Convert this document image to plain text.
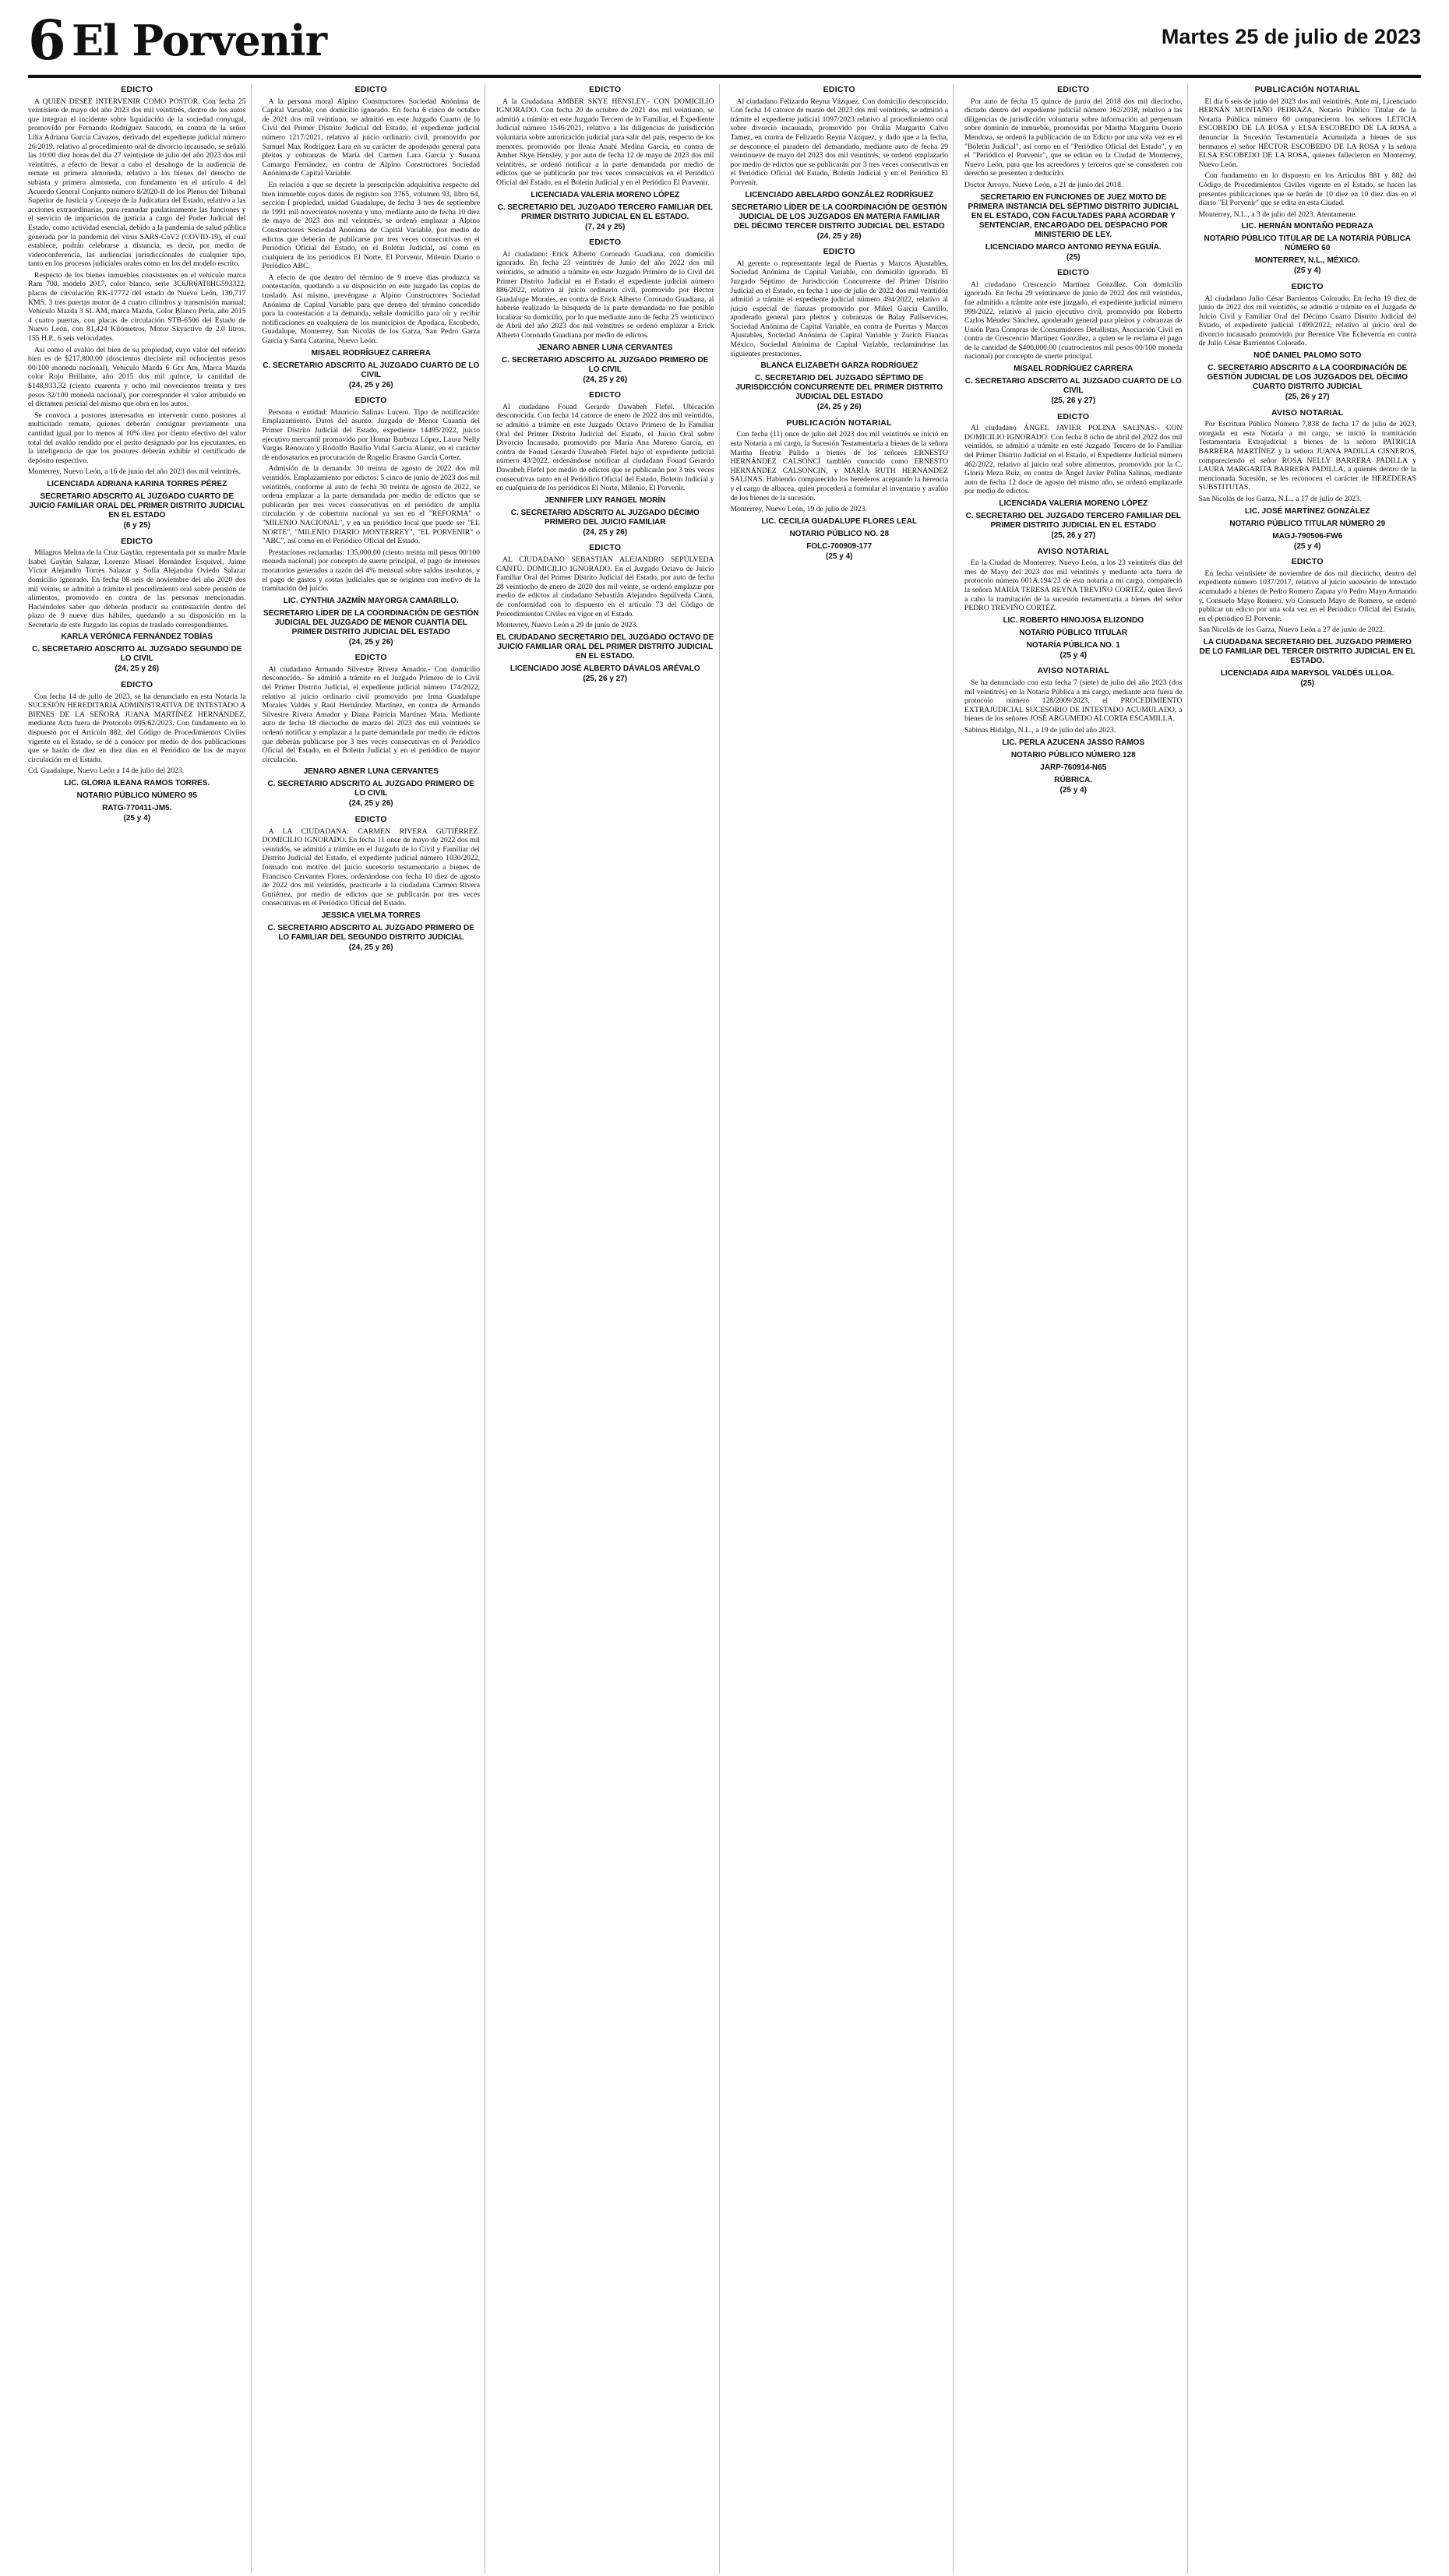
6 El Porvenir	Martes 25 de julio de 2023
EDICTO

A QUIEN DESEE INTERVENIR COMO POSTOR. Con fecha 25 veintisiete de mayo del año 2023 dos mil veintitrés, dentro de los autos que integran el incidente sobre liquidación de la sociedad conyugal, promovido por Fernando Rodríguez Saucedo, en contra de la señor Lilia Adriana García Cavazos, derivado del expediente judicial número 26/2019, relativo al procedimiento oral de divorcio incausado, se señaló las 10:00 diez horas del día 27 veintisiete de julio del año 2023 dos mil veintitrés, a efecto de llevar a cabo el desahogo de la audiencia de remate en primera almoneda, relativo a los bienes del derecho de subasta y primera almoneda, con fundamento en el artículo 4 del Acuerdo General Conjunto número 8/2020-II de los Plenos del Tribunal Superior de Justicia y Consejo de la Judicatura del Estado, relativo a las acciones extraordinarias, para reanudar paulatinamente las funciones y el servicio de impartición de justicia a cargo del Poder Judicial del Estado, como actividad esencial, debido a la pandemia de salud pública generada por la pandemia del virus SARS-CoV2 (COVID-19), el cual establece, podrán celebrarse a distancia, es decir, por medio de videoconferencia, las audiencias jurisdiccionales de cualquier tipo, tanto en los procesos judiciales orales como en los del modelo escrito.

Respecto de los bienes inmuebles consistentes en el vehículo marca Ram 700, modelo 2017, color blanco, serie 3C6JR6AT8HG593322, placas de circulación RK-17772 del estado de Nuevo León, 130,717 KMS, 3 tres puertas motor de 4 cuatro cilindros y transmisión manual; Vehículo Mazda 3 SL AM, marca Mazda, Color Blanco Perla, año 2015 4 cuatro puertas, con placas de circulación STB-6506 del Estado de Nuevo León, con 81,424 Kilómetros, Motor Skyactive de 2.0 litros, 155 H.P., 6 seis velocidades.

Así como el avalúo del bien de su propiedad, cuyo valor del referido bien es de $217,800.00 (doscientos diecisiete mil ochocientos pesos 00/100 moneda nacional), Vehículo Mazda 6 Gtx Am, Marca Mazda color Rojo Brillante, año 2015 dos mil quince, la cantidad de $148,933.32 (ciento cuarenta y ocho mil novecientos treinta y tres pesos 32/100 moneda nacional), por corresponder el valor atribuido en el dictamen pericial del mismo que obra en los autos.

Se convoca a postores interesados en intervenir como postores al multicitado remate, quienes deberán consignar previamente una cantidad igual por lo menos al 10% diez por ciento efectivo del valor total del avalúo rendido por el perito designado por los ejecutantes, en la inteligencia de que los postores deberán exhibir el certificado de depósito respectivo.

Monterrey, Nuevo León, a 16 de junio del año 2023 dos mil veintitrés.
LICENCIADA ADRIANA KARINA TORRES PÉREZ
SECRETARIO ADSCRITO AL JUZGADO CUARTO DE JUICIO FAMILIAR ORAL DEL PRIMER DISTRITO JUDICIAL EN EL ESTADO
(6 y 25)
EDICTO

Milagros Melina de la Cruz Gaytán, representada por su madre Marie Isabel Gaytán Salazar, Lorenzo Misael Hernández Esquivel, Jaime Víctor Alejandro Torres Salazar y Sofía Alejandra Oviedo Salazar domicilio ignorado. En fecha 08 seis de noviembre del año 2020 dos mil veinte, se admitió a trámite el procedimiento oral sobre pensión de alimentos, promovido en contra de las personas mencionadas. Haciéndoles saber que deberán producir su contestación dentro del plazo de 9 nueve días hábiles, quedando a su disposición en la Secretaría de este Juzgado las copias de traslado correspondientes.

KARLA VERÓNICA FERNÁNDEZ TOBÍAS
C. SECRETARIO ADSCRITO AL JUZGADO SEGUNDO DE LO CIVIL
(24, 25 y 26)
EDICTO

Con fecha 14 de julio de 2023, se ha denunciado en esta Notaría la SUCESIÓN HEREDITARIA ADMINISTRATIVA DE INTESTADO A BIENES DE LA SEÑORA JUANA MARTÍNEZ HERNÁNDEZ, mediante Acta fuera de Protocolo 095/62/2023. Con fundamento en lo dispuesto por el Artículo 882, del Código de Procedimientos Civiles vigente en el Estado, se dé a conocer por medio de dos publicaciones que se harán de diez en diez días en el Periódico de los de mayor circulación en el Estado.

Cd. Guadalupe, Nuevo León a 14 de julio del 2023.
LIC. GLORIA ILEANA RAMOS TORRES.
NOTARIO PÚBLICO NÚMERO 95
RATG-770411-JM5.
(25 y 4)
EDICTO

A la persona moral Alpino Constructores Sociedad Anónima de Capital Variable, con domicilio ignorado. En fecha 6 cinco de octubre de 2021 dos mil veintiuno, se admitió en este Juzgado Cuarto de lo Civil del Primer Distrito Judicial del Estado, el expediente judicial número 1217/2021, relativo al juicio ordinario civil, promovido por Samuel Max Rodríguez Lara en su carácter de apoderado general para pleitos y cobranzas de María del Carmen Lara García y Susana Camargo Fernández, en contra de Alpino Constructores Sociedad Anónima de Capital Variable.

En relación a que se decrete la prescripción adquisitiva respecto del bien inmueble cuyos datos de registro son 3765, volumen 93, libro 64, sección I propiedad, unidad Guadalupe, de fecha 3 tres de septiembre de 1991 mil novecientos noventa y uno, mediante auto de fecha 10 diez de mayo de 2023 dos mil veintitrés, se ordenó emplazar a Alpino Constructores Sociedad Anónima de Capital Variable, por medio de edictos que deberán de publicarse por tres veces consecutivas en el Periódico Oficial del Estado, en el Boletín Judicial, así como en cualquiera de los periódicos El Norte, El Porvenir, Milenio Diario o Periódico ABC.

A efecto de que dentro del término de 9 nueve días produzca su contestación, quedando a su disposición en este juzgado las copias de traslado. Así mismo, prevéngase a Alpino Constructores Sociedad Anónima de Capital Variable para que dentro del término concedido para la contestación a la demanda, señale domicilio para oír y recibir notificaciones en cualquiera de los municipios de Apodaca, Escobedo, Guadalupe, Monterrey, San Nicolás de los Garza, San Pedro Garza García y Santa Catarina, Nuevo León.

MISAEL RODRÍGUEZ CARRERA
C. SECRETARIO ADSCRITO AL JUZGADO CUARTO DE LO CIVIL
(24, 25 y 26)
EDICTO

Persona o entidad: Mauricio Salinas Lucero. Tipo de notificación: Emplazamiento. Datos del asunto: Juzgado de Menor Cuantía del Primer Distrito Judicial del Estado, expediente 14495/2022, juicio ejecutivo mercantil promovido por Homar Barboza López, Laura Nelly Vargas Renovato y Rodolfo Basilio Vidal García Alaniz, en el carácter de endosatarios en procuración de Rogelio Erasmo García Cortez.

Admisión de la demanda: 30 treinta de agosto de 2022 dos mil veintidós. Emplazamiento por edictos: 5 cinco de junio de 2023 dos mil veintitrés, conforme al auto de fecha 30 treinta de agosto de 2022, se ordena emplazar a la parte demandada por medio de edictos que se publicarán por tres veces consecutivas en el periódico de amplia circulación y de cobertura nacional ya sea en el "REFORMA" o "MILENIO NACIONAL", y en un periódico local que puede ser "EL NORTE", "MILENIO DIARIO MONTERREY", "EL PORVENIR" o "ABC", así como en el Periódico Oficial del Estado.

Prestaciones reclamadas: 135,000.00 (ciento treinta mil pesos 00/100 moneda nacional) por concepto de suerte principal, el pago de intereses moratorios generados a razón del 4% mensual sobre saldos insolutos, y el pago de gastos y costas judiciales que se originen con motivo de la tramitación del juicio.

LIC. CYNTHIA JAZMÍN MAYORGA CAMARILLO.
SECRETARIO LÍDER DE LA COORDINACIÓN DE GESTIÓN JUDICIAL DEL JUZGADO DE MENOR CUANTÍA DEL PRIMER DISTRITO JUDICIAL DEL ESTADO
(24, 25 y 26)
EDICTO

Al ciudadano Armando Silvestre Rivera Amador.- Con domicilio desconocido.- Se admitió a trámite en el Juzgado Primero de lo Civil del Primer Distrito Judicial, el expediente judicial número 174/2022, relativo al juicio ordinario civil promovido por Irma Guadalupe Morales Valdés y Raúl Hernández Martínez, en contra de Armando Silvestre Rivera Amador y Diana Patricia Martínez Mata. Mediante auto de fecha 18 dieciocho de marzo del 2023 dos mil veintitrés se ordenó notificar y emplazar a la parte demandada por medio de edictos que deberán publicarse por 3 tres veces consecutivas en el Periódico Oficial del Estado, en el Boletín Judicial y en el periódico de mayor circulación.

JENARO ABNER LUNA CERVANTES
C. SECRETARIO ADSCRITO AL JUZGADO PRIMERO DE LO CIVIL
(24, 25 y 26)
EDICTO

A LA CIUDADANA: CARMEN RIVERA GUTIÉRREZ. DOMICILIO IGNORADO. En fecha 11 once de mayo de 2022 dos mil veintidós, se admitió a trámite en el Juzgado de lo Civil y Familiar del Distrito Judicial del Estado, el expediente judicial número 1030/2022, formado con motivo del juicio sucesorio testamentario a bienes de Francisco Cervantes Flores, ordenándose con fecha 10 diez de agosto de 2022 dos mil veintidós, practicarle a la ciudadana Carmen Rivera Gutiérrez, por medio de edictos que se publicarán por tres veces consecutivas en el Periódico Oficial del Estado.

JESSICA VIELMA TORRES
C. SECRETARIO ADSCRITO AL JUZGADO PRIMERO DE LO FAMILIAR DEL SEGUNDO DISTRITO JUDICIAL
(24, 25 y 26)
EDICTO

A la Ciudadana AMBER SKYE HENSLEY.- CON DOMICILIO IGNORADO. Con fecha 20 de octubre de 2021 dos mil veintiuno, se admitió a trámite en este Juzgado Tercero de lo Familiar, el Expediente Judicial número 1546/2021, relativo a las diligencias de jurisdicción voluntaria sobre autorización judicial para salir del país, respecto de los menores, promovido por Ilenia Anahí Medina García, en contra de Amber Skye Hensley, y por auto de fecha 12 de mayo de 2023 dos mil veintitrés, se ordenó notificar a la parte demandada por medio de edictos que se publicarán por tres veces consecutivas en el Periódico Oficial del Estado, en el Boletín Judicial y en el Periódico El Porvenir.

LICENCIADA VALERIA MORENO LÓPEZ
C. SECRETARIO DEL JUZGADO TERCERO FAMILIAR DEL PRIMER DISTRITO JUDICIAL EN EL ESTADO.
(7, 24 y 25)
EDICTO

Al ciudadano: Erick Alberto Coronado Guadiana, con domicilio ignorado. En fecha 23 veintitrés de Junio del año 2022 dos mil veintidós, se admitió a trámite en este Juzgado Primero de lo Civil del Primer Distrito Judicial en el Estado el expediente judicial número 886/2022, relativo al juicio ordinario civil, promovido por Héctor Guadalupe Morales, en contra de Erick Alberto Coronado Guadiana, al haberse realizado la búsqueda de la parte demandada no fue posible localizar su domicilio, por lo que mediante auto de fecha 25 veinticinco de Abril del año 2023 dos mil veintitrés se ordenó emplazar a Erick Alberto Coronado Guadiana por medio de edictos.

JENARO ABNER LUNA CERVANTES
C. SECRETARIO ADSCRITO AL JUZGADO PRIMERO DE LO CIVIL
(24, 25 y 26)
EDICTO

Al ciudadano Fouad Gerardo Dawabeh Flefel. Ubicación desconocida. Con fecha 14 catorce de enero de 2022 dos mil veintidós, se admitió a trámite en este Juzgado Octavo Primero de lo Familiar Oral del Primer Distrito Judicial del Estado, el Juicio Oral sobre Divorcio Incausado, promovido por María Ana Moreno García, en contra de Fouad Gerardo Dawabeh Flefel bajo el expediente judicial número 43/2022, ordenándose notificar al ciudadano Fouad Gerardo Dawabeh Flefel por medio de edictos que se publicarán por 3 tres veces consecutivas tanto en el Periódico Oficial del Estado, Boletín Judicial y en cualquiera de los periódicos El Norte, Milenio, El Porvenir.

JENNIFER LIXY RANGEL MORÍN
C. SECRETARIO ADSCRITO AL JUZGADO DÉCIMO PRIMERO DEL JUICIO FAMILIAR
(24, 25 y 26)
EDICTO

AL CIUDADANO SEBASTIÁN ALEJANDRO SEPÚLVEDA CANTÚ. DOMICILIO IGNORADO. En el Juzgado Octavo de Juicio Familiar Oral del Primer Distrito Judicial del Estado, por auto de fecha 28 veintiocho de enero de 2020 dos mil veinte, se ordenó emplazar por medio de edictos al ciudadano Sebastián Alejandro Sepúlveda Cantú, de conformidad con lo dispuesto en el artículo 73 del Código de Procedimientos Civiles en vigor en el Estado.

Monterrey, Nuevo León a 29 de junio de 2023.
EL CIUDADANO SECRETARIO DEL JUZGADO OCTAVO DE JUICIO FAMILIAR ORAL DEL PRIMER DISTRITO JUDICIAL EN EL ESTADO.
LICENCIADO JOSÉ ALBERTO DÁVALOS ARÉVALO
(25, 26 y 27)
EDICTO

Al ciudadano Felizardo Reyna Vázquez. Con domicilio desconocido. Con fecha 14 catorce de marzo del 2023 dos mil veintitrés, se admitió a trámite el expediente judicial 1097/2023 relativo al procedimiento oral sobre divorcio incausado, promovido por Oralia Margarita Calvo Tamez, en contra de Felizardo Reyna Vázquez, y dado que a la fecha, se desconoce el paradero del demandado, mediante auto de fecha 29 veintinueve de mayo del 2023 dos mil veintitrés, se ordenó emplazarlo por medio de edictos que se publicarán por 3 tres veces consecutivas en el Periódico Oficial del Estado, Boletín Judicial y en el Periódico El Porvenir.

LICENCIADO ABELARDO GONZÁLEZ RODRÍGUEZ
SECRETARIO LÍDER DE LA COORDINACIÓN DE GESTIÓN JUDICIAL DE LOS JUZGADOS EN MATERIA FAMILIAR DEL DÉCIMO TERCER DISTRITO JUDICIAL DEL ESTADO
(24, 25 y 26)
EDICTO

Al gerente o representante legal de Puertas y Marcos Ajustables, Sociedad Anónima de Capital Variable, con domicilio ignorado. El Juzgado Séptimo de Jurisdicción Concurrente del Primer Distrito Judicial en el Estado, en fecha 1 uno de julio de 2022 dos mil veintidós admitió a trámite el expediente judicial número 494/2022, relativo al juicio especial de fianzas promovido por Mikel García Carrillo, apoderado general para pleitos y cobranzas de Balay Fullservices, Sociedad Anónima de Capital Variable, en contra de Puertas y Marcos Ajustables, Sociedad Anónima de Capital Variable y Zurich Fianzas México, Sociedad Anónima de Capital Variable, reclamándose las siguientes prestaciones.

BLANCA ELIZABETH GARZA RODRÍGUEZ
C. SECRETARIO DEL JUZGADO SÉPTIMO DE JURISDICCIÓN CONCURRENTE DEL PRIMER DISTRITO JUDICIAL DEL ESTADO
(24, 25 y 26)
PUBLICACIÓN NOTARIAL

Con fecha (11) once de julio del 2023 dos mil veintitrés se inició en esta Notaría a mi cargo, la Sucesión Testamentaria a bienes de la señora Martha Beatriz Pulido a bienes de los señores ERNESTO HERNÁNDEZ CALSONCÍ también conocido como ERNESTO HERNÁNDEZ CALSONCIN, y MARÍA RUTH HERNÁNDEZ SALINAS. Habiendo comparecido los herederos aceptando la herencia y el cargo de albacea, quien procederá a formular el inventario y avalúo de los bienes de la sucesión.

Monterrey, Nuevo León, 19 de julio de 2023.
LIC. CECILIA GUADALUPE FLORES LEAL
NOTARIO PÚBLICO NO. 28
FOLC-700909-177
(25 y 4)
EDICTO

Por auto de fecha 15 quince de junio del 2018 dos mil dieciocho, dictado dentro del expediente judicial número 162/2018, relativo a las diligencias de jurisdicción voluntaria sobre información ad perpetuam sobre dominio de inmueble, promovidas por Martha Margarita Osorio Mendoza, se ordenó la publicación de un Edicto por una sola vez en el "Boletín Judicial", así como en el "Periódico Oficial del Estado", y en el "Periódico el Porvenir", que se editan en la Ciudad de Monterrey, Nuevo León, para que los acreedores y terceros que se consideren con derecho se presenten a deducirlo.

Doctor Arroyo, Nuevo León, a 21 de junio del 2018.
SECRETARIO EN FUNCIONES DE JUEZ MIXTO DE PRIMERA INSTANCIA DEL SÉPTIMO DISTRITO JUDICIAL EN EL ESTADO, CON FACULTADES PARA ACORDAR Y SENTENCIAR, ENCARGADO DEL DESPACHO POR MINISTERIO DE LEY.
LICENCIADO MARCO ANTONIO REYNA EGUÍA.
(25)
EDICTO

Al ciudadano Crescencio Martínez González. Con domicilio ignorado. En fecha 29 veintinueve de junio de 2022 dos mil veintidós, fue admitido a trámite ante este juzgado, el expediente judicial número 999/2022, relativo al juicio ejecutivo civil, promovido por Roberto Carlos Méndez Sánchez, apoderado general para pleitos y cobranzas de Unión Para Compras de Consumidores Detallistas, Asociación Civil en contra de Crescencio Martínez González, a quien se le reclama el pago de la cantidad de $400,000.00 (cuatrocientos mil pesos 00/100 moneda nacional) por concepto de suerte principal.

MISAEL RODRÍGUEZ CARRERA
C. SECRETARIO ADSCRITO AL JUZGADO CUARTO DE LO CIVIL
(25, 26 y 27)
EDICTO

Al ciudadano ÁNGEL JAVIER POLINA SALINAS.- CON DOMICILIO IGNORADO. Con fecha 8 ocho de abril del 2022 dos mil veintidós, se admitió a trámite en este Juzgado Tercero de lo Familiar del Primer Distrito Judicial en el Estado, el Expediente Judicial número 462/2022, relativo al juicio oral sobre alimentos, promovido por la C. Gloria Meza Ruiz, en contra de Ángel Javier Polina Salinas, mediante auto de fecha 12 doce de agosto del mismo año, se ordenó emplazarle por medio de edictos.

LICENCIADA VALERIA MORENO LÓPEZ
C. SECRETARIO DEL JUZGADO TERCERO FAMILIAR DEL PRIMER DISTRITO JUDICIAL EN EL ESTADO
(25, 26 y 27)
AVISO NOTARIAL

En la Ciudad de Monterrey, Nuevo León, a los 23 veintitrés días del mes de Mayo del 2023 dos mil veintitrés y mediante acta fuera de protocolo número 001A,194/23 de esta notaría a mi cargo, compareció la señora MARÍA TERESA REYNA TREVIÑO CORTÉZ, quien llevó a cabo la tramitación de la sucesión testamentaria a bienes del señor PEDRO TREVIÑO CORTÉZ.

LIC. ROBERTO HINOJOSA ELIZONDO
NOTARIO PÚBLICO TITULAR
NOTARÍA PÚBLICA NO. 1
(25 y 4)
AVISO NOTARIAL

Se ha denunciado con esta fecha 7 (siete) de julio del año 2023 (dos mil veintitrés) en la Notaría Pública a mi cargo, mediante acta fuera de protocolo número 128/2009/2023, el PROCEDIMIENTO EXTRAJUDICIAL SUCESORIO DE INTESTADO ACUMULADO, a bienes de los señores JOSÉ ARGUMEDO ALCORTA ESCAMILLA.

Sabinas Hidalgo, N.L., a 19 de julio del año 2023.
LIC. PERLA AZUCENA JASSO RAMOS
NOTARIO PÚBLICO NÚMERO 128
JARP-760914-N65
RÚBRICA.
(25 y 4)
PUBLICACIÓN NOTARIAL

El día 6 seis de julio del 2023 dos mil veintitrés, Ante mí, Licenciado HERNÁN MONTAÑO PEDRAZA, Notario Público Titular de la Notaría Pública número 60 comparecieron los señores LETICIA ESCOBEDO DE LA ROSA y ELSA ESCOBEDO DE LA ROSA a denunciar la Sucesión Testamentaria Acumulada a bienes de sus hermanos el señor HÉCTOR ESCOBEDO DE LA ROSA y la señora ELSA ESCOBEDO DE LA ROSA, quienes fallecieron en Monterrey, Nuevo León.

Con fundamento en lo dispuesto en los Artículos 881 y 882 del Código de Procedimientos Civiles vigente en el Estado, se hacen las presentes publicaciones que se harán de 10 diez en 10 diez días en el diario "El Porvenir" que se edita en esta Ciudad.

Monterrey, N.L., a 3 de julio del 2023. Atentamente.
LIC. HERNÁN MONTAÑO PEDRAZA
NOTARIO PÚBLICO TITULAR DE LA NOTARÍA PÚBLICA NÚMERO 60
MONTERREY, N.L., MÉXICO.
(25 y 4)
EDICTO

Al ciudadano Julio César Barrientos Colorado. En fecha 19 diez de junio de 2022 dos mil veintidós, se admitió a trámite en el Juzgado de Juicio Civil y Familiar Oral del Décimo Cuarto Distrito Judicial del Estado, el expediente judicial 1499/2022, relativo al juicio oral de divorcio incausado promovido por Berenice Vite Echeverria en contra de Julio César Barrientos Colorado.

NOÉ DANIEL PALOMO SOTO
C. SECRETARIO ADSCRITO A LA COORDINACIÓN DE GESTIÓN JUDICIAL DE LOS JUZGADOS DEL DÉCIMO CUARTO DISTRITO JUDICIAL
(25, 26 y 27)
AVISO NOTARIAL

Por Escritura Pública Número 7,838 de fecha 17 de julio de 2023, otorgada en esta Notaría a mi cargo, se inició la tramitación Testamentaria Extrajudicial a bienes de la señora PATRICIA BARRERA MARTÍNEZ y la señora JUANA PADILLA CISNEROS, compareciendo el señor ROSA NELLY BARRERA PADILLA y LAURA MARGARITA BARRERA PADILLA, a quienes dentro de la mencionada Sucesión, se les reconocen el carácter de HEREDERAS SUBSTITUTAS.

San Nicolás de los Garza, N.L., a 17 de julio de 2023.
LIC. JOSÉ MARTÍNEZ GONZÁLEZ
NOTARIO PÚBLICO TITULAR NÚMERO 29
MAGJ-790506-FW6
(25 y 4)
EDICTO

En fecha veintisiete de noviembre de dos mil dieciocho, dentro del expediente número 1037/2017, relativo al juicio sucesorio de intestado acumulado a bienes de Pedro Romero Zapata y/o Pedro Mayo Armando y, Consuelo Mayo Romero, y/o Consuelo Mayo de Romero, se ordenó publicar un edicto por una sola vez en el Periódico Oficial del Estado, en el periódico El Porvenir.

San Nicolás de los Garza, Nuevo León a 27 de junio de 2022.
LA CIUDADANA SECRETARIO DEL JUZGADO PRIMERO DE LO FAMILIAR DEL TERCER DISTRITO JUDICIAL EN EL ESTADO.
LICENCIADA AIDA MARYSOL VALDÉS ULLOA.
(25)
